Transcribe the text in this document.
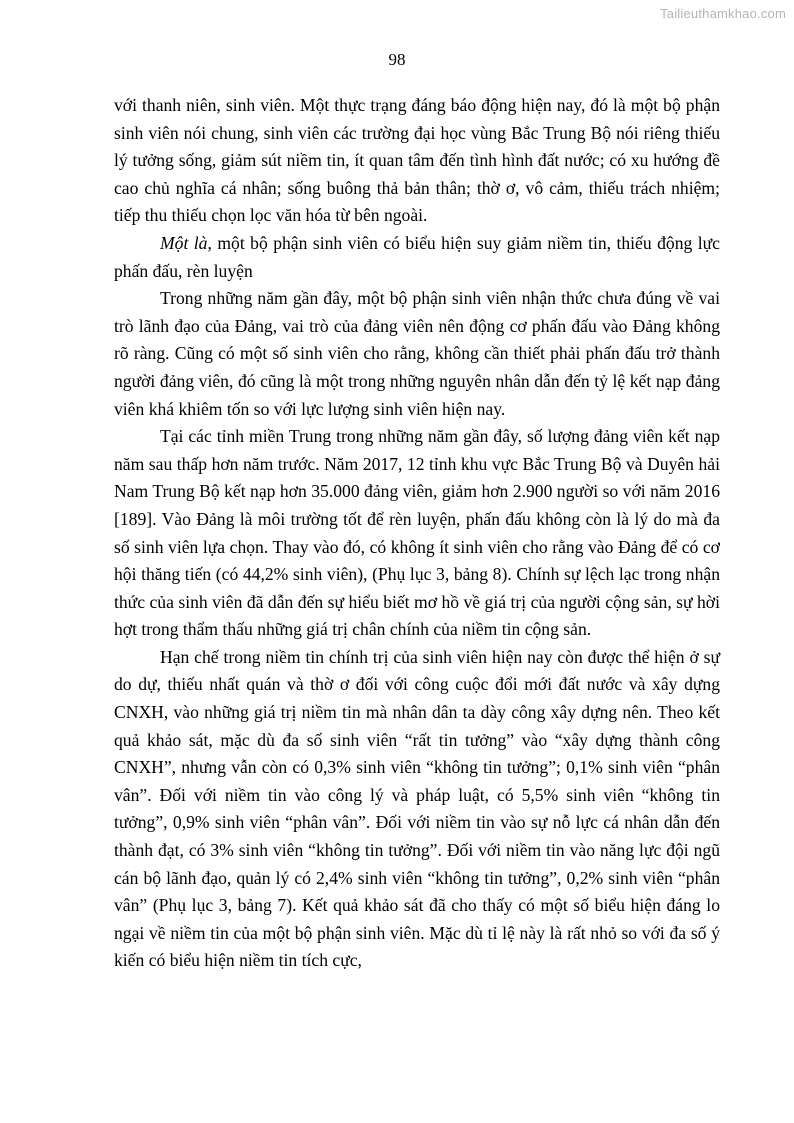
Tailieuthamkhao.com
98

với thanh niên, sinh viên. Một thực trạng đáng báo động hiện nay, đó là một bộ phận sinh viên nói chung, sinh viên các trường đại học vùng Bắc Trung Bộ nói riêng thiếu lý tưởng sống, giảm sút niềm tin, ít quan tâm đến tình hình đất nước; có xu hướng đề cao chủ nghĩa cá nhân; sống buông thả bản thân; thờ ơ, vô cảm, thiếu trách nhiệm; tiếp thu thiếu chọn lọc văn hóa từ bên ngoài.

Một là, một bộ phận sinh viên có biểu hiện suy giảm niềm tin, thiếu động lực phấn đấu, rèn luyện

Trong những năm gần đây, một bộ phận sinh viên nhận thức chưa đúng về vai trò lãnh đạo của Đảng, vai trò của đảng viên nên động cơ phấn đấu vào Đảng không rõ ràng. Cũng có một số sinh viên cho rằng, không cần thiết phải phấn đấu trở thành người đảng viên, đó cũng là một trong những nguyên nhân dẫn đến tỷ lệ kết nạp đảng viên khá khiêm tốn so với lực lượng sinh viên hiện nay.

Tại các tỉnh miền Trung trong những năm gần đây, số lượng đảng viên kết nạp năm sau thấp hơn năm trước. Năm 2017, 12 tỉnh khu vực Bắc Trung Bộ và Duyên hải Nam Trung Bộ kết nạp hơn 35.000 đảng viên, giảm hơn 2.900 người so với năm 2016 [189]. Vào Đảng là môi trường tốt để rèn luyện, phấn đấu không còn là lý do mà đa số sinh viên lựa chọn. Thay vào đó, có không ít sinh viên cho rằng vào Đảng để có cơ hội thăng tiến (có 44,2% sinh viên), (Phụ lục 3, bảng 8). Chính sự lệch lạc trong nhận thức của sinh viên đã dẫn đến sự hiểu biết mơ hồ về giá trị của người cộng sản, sự hời hợt trong thẩm thấu những giá trị chân chính của niềm tin cộng sản.

Hạn chế trong niềm tin chính trị của sinh viên hiện nay còn được thể hiện ở sự do dự, thiếu nhất quán và thờ ơ đối với công cuộc đổi mới đất nước và xây dựng CNXH, vào những giá trị niềm tin mà nhân dân ta dày công xây dựng nên. Theo kết quả khảo sát, mặc dù đa số sinh viên “rất tin tưởng” vào “xây dựng thành công CNXH”, nhưng vẫn còn có 0,3% sinh viên “không tin tưởng”; 0,1% sinh viên “phân vân”. Đối với niềm tin vào công lý và pháp luật, có 5,5% sinh viên “không tin tưởng”, 0,9% sinh viên “phân vân”. Đối với niềm tin vào sự nỗ lực cá nhân dẫn đến thành đạt, có 3% sinh viên “không tin tưởng”. Đối với niềm tin vào năng lực đội ngũ cán bộ lãnh đạo, quản lý có 2,4% sinh viên “không tin tưởng”, 0,2% sinh viên “phân vân” (Phụ lục 3, bảng 7). Kết quả khảo sát đã cho thấy có một số biểu hiện đáng lo ngại về niềm tin của một bộ phận sinh viên. Mặc dù tỉ lệ này là rất nhỏ so với đa số ý kiến có biểu hiện niềm tin tích cực,
